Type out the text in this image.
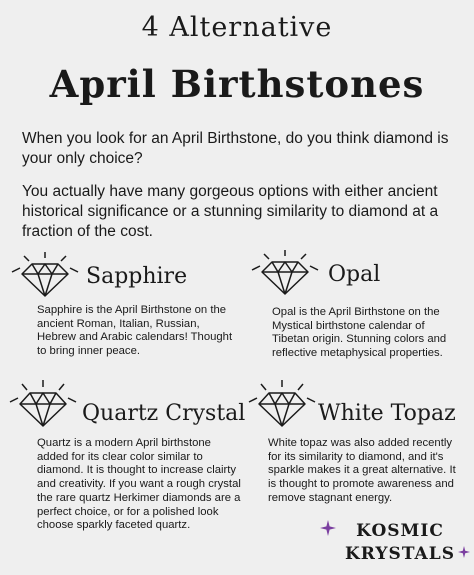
4 Alternative
April Birthstones
When you look for an April Birthstone, do you think diamond is your only choice?
You actually have many gorgeous options with either ancient historical significance or a stunning similarity to diamond at a fraction of the cost.
Sapphire
Sapphire is the April Birthstone on the ancient Roman, Italian, Russian, Hebrew and Arabic calendars! Thought to bring inner peace.
Opal
Opal is the April Birthstone on the Mystical birthstone calendar of Tibetan origin. Stunning colors and reflective metaphysical properties.
Quartz Crystal
Quartz is a modern April birthstone added for its clear color similar to diamond. It is thought to increase clairty and creativity. If you want a rough crystal the rare quartz Herkimer diamonds are a perfect choice, or for a polished look choose sparkly faceted quartz.
White Topaz
White topaz was also added recently for its similarity to diamond, and it's sparkle makes it a great alternative. It is thought to promote awareness and remove stagnant energy.
KOSMIC
KRYSTALS
